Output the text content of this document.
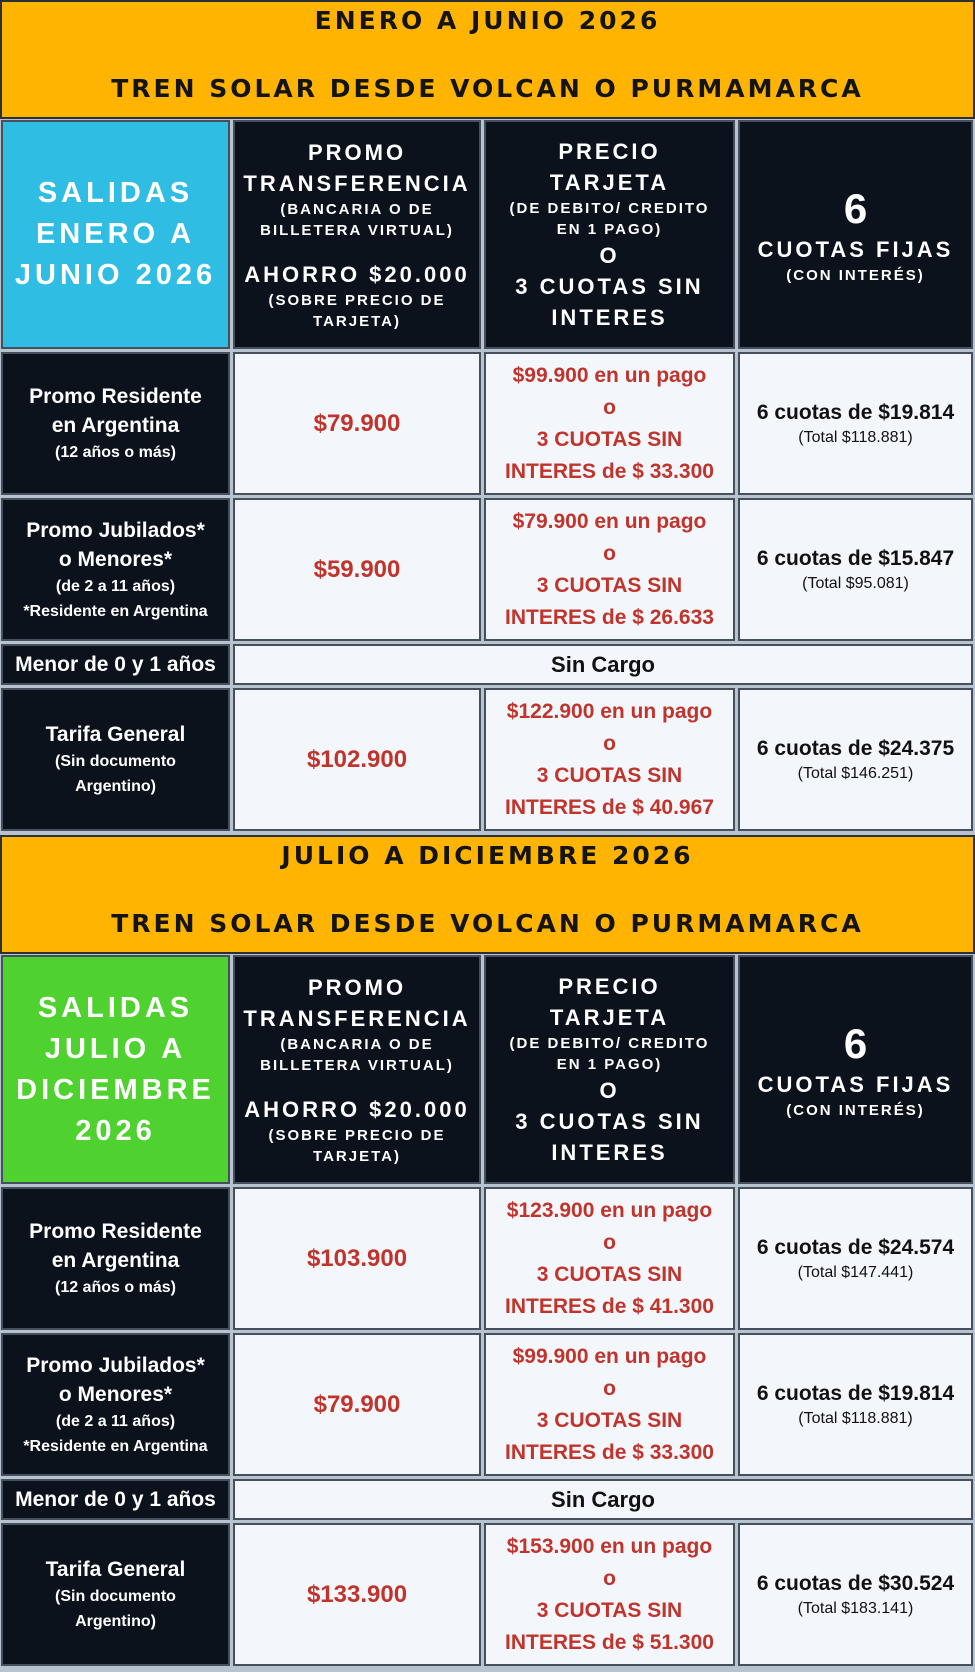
ENERO A JUNIO 2026
TREN SOLAR DESDE VOLCAN O PURMAMARCA
SALIDAS
ENERO A
JUNIO 2026
PROMO
TRANSFERENCIA
(BANCARIA O DE
BILLETERA VIRTUAL)
AHORRO $20.000
(SOBRE PRECIO DE
TARJETA)
PRECIO
TARJETA
(DE DEBITO/ CREDITO
EN 1 PAGO)
O
3 CUOTAS SIN
INTERES
6
CUOTAS FIJAS
(CON INTERÉS)
Promo Residente
en Argentina
(12 años o más)
$79.900
$99.900 en un pago
o
3 CUOTAS SIN
INTERES de $ 33.300
6 cuotas de $19.814
(Total $118.881)
Promo Jubilados*
o Menores*
(de 2 a 11 años)
*Residente en Argentina
$59.900
$79.900 en un pago
o
3 CUOTAS SIN
INTERES de $ 26.633
6 cuotas de $15.847
(Total $95.081)
Menor de 0 y 1 años	Sin Cargo
Tarifa General
(Sin documento
Argentino)
$102.900
$122.900 en un pago
o
3 CUOTAS SIN
INTERES de $ 40.967
6 cuotas de $24.375
(Total $146.251)
JULIO A DICIEMBRE 2026
TREN SOLAR DESDE VOLCAN O PURMAMARCA
SALIDAS
JULIO A
DICIEMBRE
2026
PROMO
TRANSFERENCIA
(BANCARIA O DE
BILLETERA VIRTUAL)
AHORRO $20.000
(SOBRE PRECIO DE
TARJETA)
PRECIO
TARJETA
(DE DEBITO/ CREDITO
EN 1 PAGO)
O
3 CUOTAS SIN
INTERES
6
CUOTAS FIJAS
(CON INTERÉS)
Promo Residente
en Argentina
(12 años o más)
$103.900
$123.900 en un pago
o
3 CUOTAS SIN
INTERES de $ 41.300
6 cuotas de $24.574
(Total $147.441)
Promo Jubilados*
o Menores*
(de 2 a 11 años)
*Residente en Argentina
$79.900
$99.900 en un pago
o
3 CUOTAS SIN
INTERES de $ 33.300
6 cuotas de $19.814
(Total $118.881)
Menor de 0 y 1 años	Sin Cargo
Tarifa General
(Sin documento
Argentino)
$133.900
$153.900 en un pago
o
3 CUOTAS SIN
INTERES de $ 51.300
6 cuotas de $30.524
(Total $183.141)
